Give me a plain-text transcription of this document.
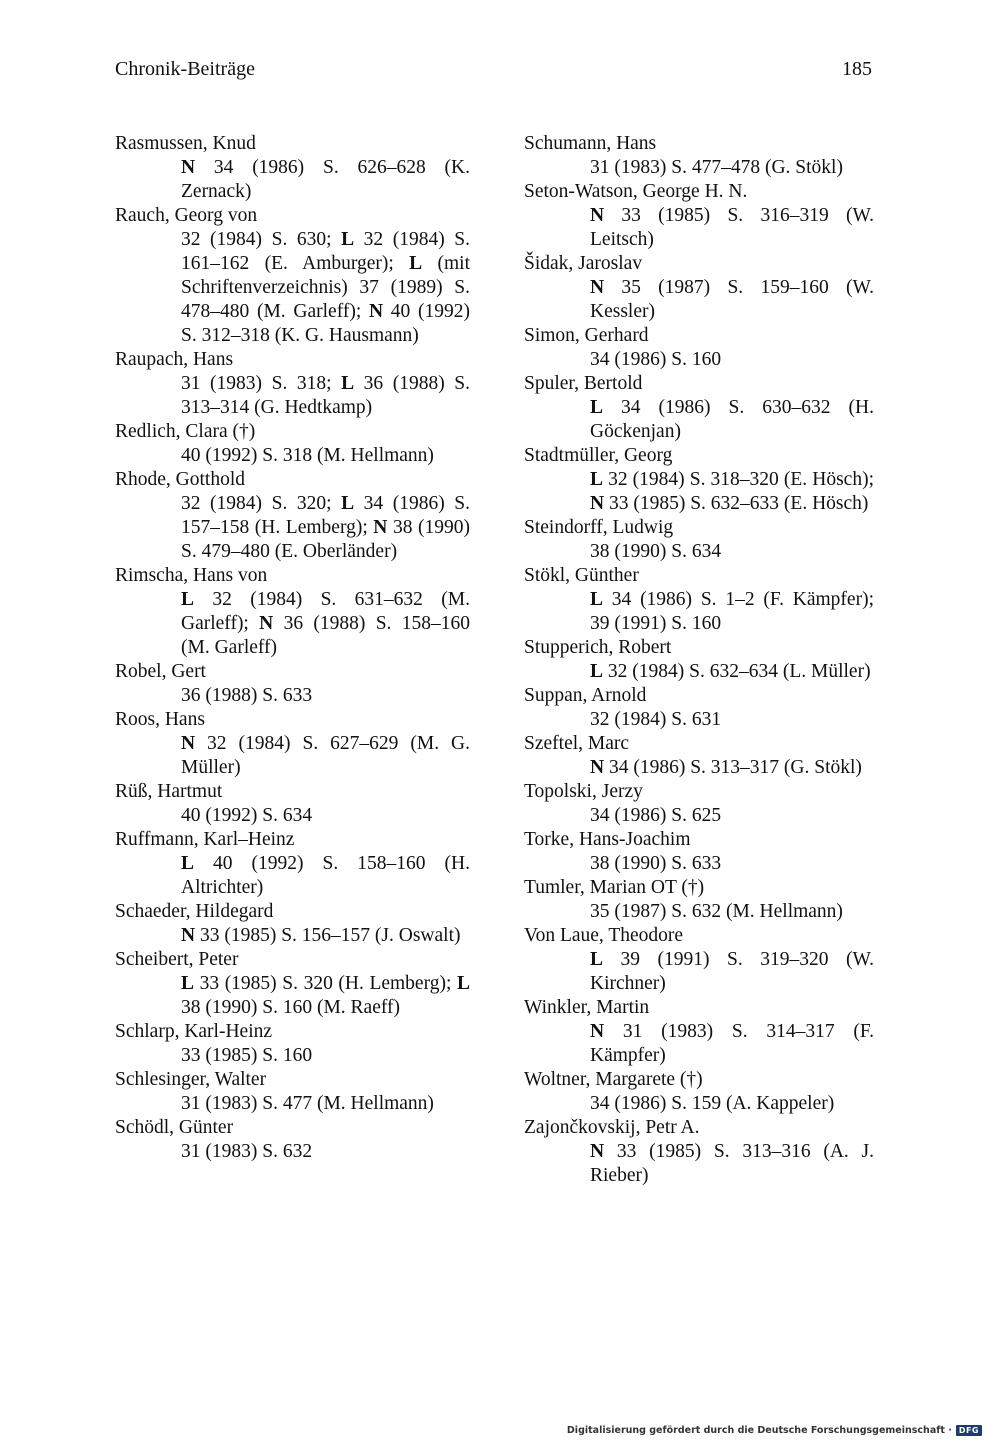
Chronik-Beiträge	185
Rasmussen, Knud
N 34 (1986) S. 626–628 (K. Zernack)
Rauch, Georg von
32 (1984) S. 630; L 32 (1984) S. 161–162 (E. Amburger); L (mit Schriftenverzeichnis) 37 (1989) S. 478–480 (M. Garleff); N 40 (1992) S. 312–318 (K. G. Hausmann)
Raupach, Hans
31 (1983) S. 318; L 36 (1988) S. 313–314 (G. Hedtkamp)
Redlich, Clara (†)
40 (1992) S. 318 (M. Hellmann)
Rhode, Gotthold
32 (1984) S. 320; L 34 (1986) S. 157–158 (H. Lemberg); N 38 (1990) S. 479–480 (E. Oberländer)
Rimscha, Hans von
L 32 (1984) S. 631–632 (M. Garleff); N 36 (1988) S. 158–160 (M. Garleff)
Robel, Gert
36 (1988) S. 633
Roos, Hans
N 32 (1984) S. 627–629 (M. G. Müller)
Rüß, Hartmut
40 (1992) S. 634
Ruffmann, Karl–Heinz
L 40 (1992) S. 158–160 (H. Altrichter)
Schaeder, Hildegard
N 33 (1985) S. 156–157 (J. Oswalt)
Scheibert, Peter
L 33 (1985) S. 320 (H. Lemberg); L 38 (1990) S. 160 (M. Raeff)
Schlarp, Karl-Heinz
33 (1985) S. 160
Schlesinger, Walter
31 (1983) S. 477 (M. Hellmann)
Schödl, Günter
31 (1983) S. 632
Schumann, Hans
31 (1983) S. 477–478 (G. Stökl)
Seton-Watson, George H. N.
N 33 (1985) S. 316–319 (W. Leitsch)
Šidak, Jaroslav
N 35 (1987) S. 159–160 (W. Kessler)
Simon, Gerhard
34 (1986) S. 160
Spuler, Bertold
L 34 (1986) S. 630–632 (H. Göckenjan)
Stadtmüller, Georg
L 32 (1984) S. 318–320 (E. Hösch); N 33 (1985) S. 632–633 (E. Hösch)
Steindorff, Ludwig
38 (1990) S. 634
Stökl, Günther
L 34 (1986) S. 1–2 (F. Kämpfer); 39 (1991) S. 160
Stupperich, Robert
L 32 (1984) S. 632–634 (L. Müller)
Suppan, Arnold
32 (1984) S. 631
Szeftel, Marc
N 34 (1986) S. 313–317 (G. Stökl)
Topolski, Jerzy
34 (1986) S. 625
Torke, Hans-Joachim
38 (1990) S. 633
Tumler, Marian OT (†)
35 (1987) S. 632 (M. Hellmann)
Von Laue, Theodore
L 39 (1991) S. 319–320 (W. Kirchner)
Winkler, Martin
N 31 (1983) S. 314–317 (F. Kämpfer)
Woltner, Margarete (†)
34 (1986) S. 159 (A. Kappeler)
Zajončkovskij, Petr A.
N 33 (1985) S. 313–316 (A. J. Rieber)
Digitalisierung gefördert durch die Deutsche Forschungsgemeinschaft · DFG
